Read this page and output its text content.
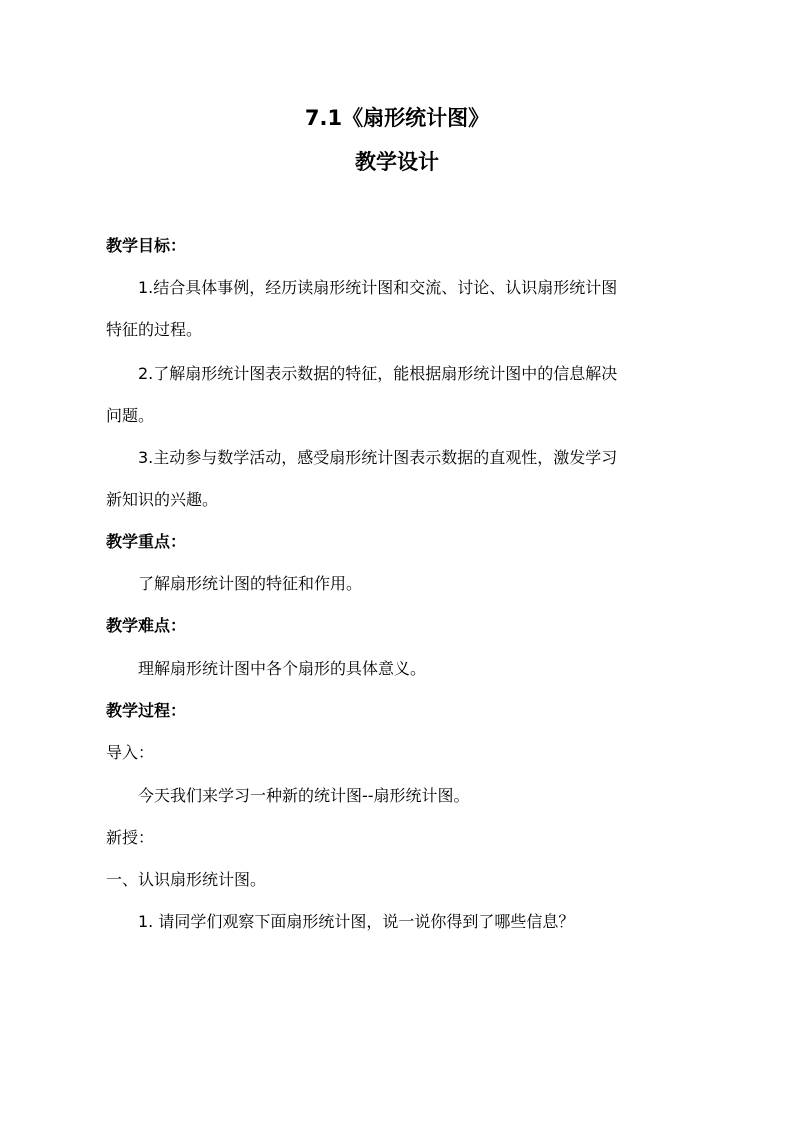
7.1《扇形统计图》
教学设计
教学目标：
1.结合具体事例，经历读扇形统计图和交流、讨论、认识扇形统计图
特征的过程。
2.了解扇形统计图表示数据的特征，能根据扇形统计图中的信息解决
问题。
3.主动参与数学活动，感受扇形统计图表示数据的直观性，激发学习
新知识的兴趣。
教学重点：
了解扇形统计图的特征和作用。
教学难点：
理解扇形统计图中各个扇形的具体意义。
教学过程：
导入：
今天我们来学习一种新的统计图--扇形统计图。
新授：
一、认识扇形统计图。
1. 请同学们观察下面扇形统计图，说一说你得到了哪些信息？
